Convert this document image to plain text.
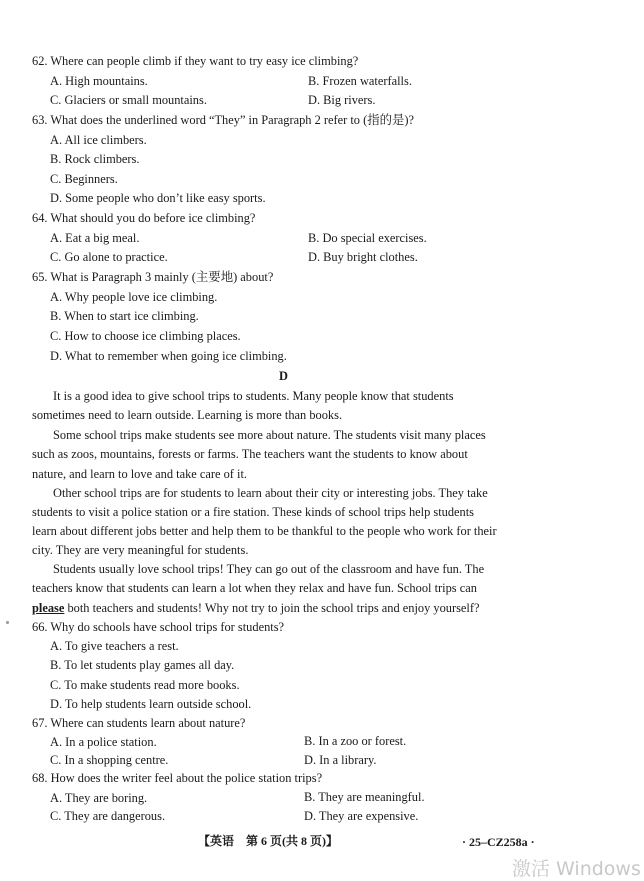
62. Where can people climb if they want to try easy ice climbing?
A. High mountains.	B. Frozen waterfalls.
C. Glaciers or small mountains.	D. Big rivers.
63. What does the underlined word “They” in Paragraph 2 refer to (指的是)?
A. All ice climbers.
B. Rock climbers.
C. Beginners.
D. Some people who don’t like easy sports.
64. What should you do before ice climbing?
A. Eat a big meal.	B. Do special exercises.
C. Go alone to practice.	D. Buy bright clothes.
65. What is Paragraph 3 mainly (主要地) about?
A. Why people love ice climbing.
B. When to start ice climbing.
C. How to choose ice climbing places.
D. What to remember when going ice climbing.
D
It is a good idea to give school trips to students. Many people know that students
sometimes need to learn outside. Learning is more than books.
Some school trips make students see more about nature. The students visit many places
such as zoos, mountains, forests or farms. The teachers want the students to know about
nature, and learn to love and take care of it.
Other school trips are for students to learn about their city or interesting jobs. They take
students to visit a police station or a fire station. These kinds of school trips help students
learn about different jobs better and help them to be thankful to the people who work for their
city. They are very meaningful for students.
Students usually love school trips! They can go out of the classroom and have fun. The
teachers know that students can learn a lot when they relax and have fun. School trips can
please both teachers and students! Why not try to join the school trips and enjoy yourself?
66. Why do schools have school trips for students?
A. To give teachers a rest.
B. To let students play games all day.
C. To make students read more books.
D. To help students learn outside school.
67. Where can students learn about nature?
A. In a police station.	B. In a zoo or forest.
C. In a shopping centre.	D. In a library.
68. How does the writer feel about the police station trips?
A. They are boring.	B. They are meaningful.
C. They are dangerous.	D. They are expensive.
【英语　第 6 页(共 8 页)】	· 25–CZ258a ·
激活 Windows
